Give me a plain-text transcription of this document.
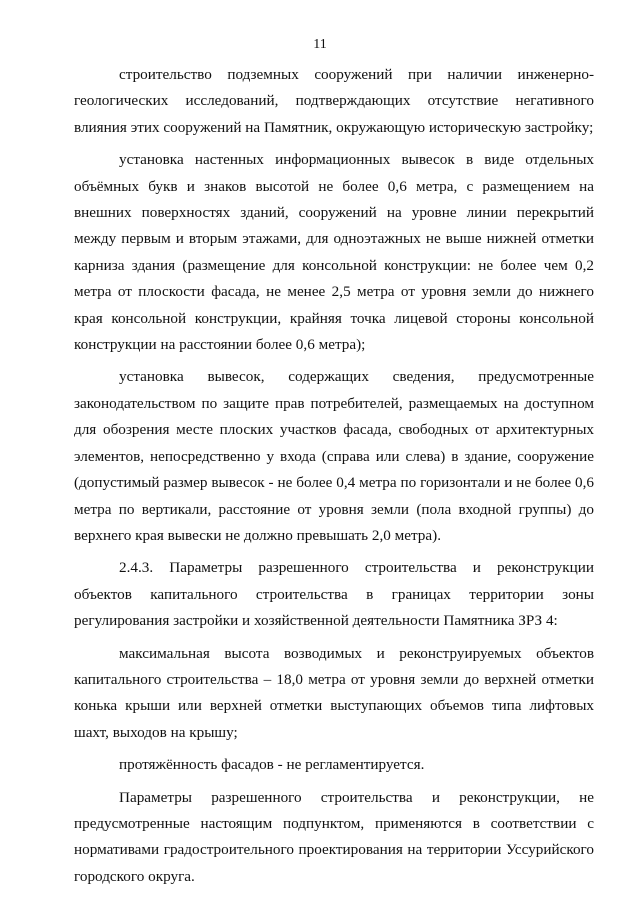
11

строительство подземных сооружений при наличии инженерно-геологических исследований, подтверждающих отсутствие негативного влияния этих сооружений на Памятник, окружающую историческую застройку;

установка настенных информационных вывесок в виде отдельных объёмных букв и знаков высотой не более 0,6 метра, с размещением на внешних поверхностях зданий, сооружений на уровне линии перекрытий между первым и вторым этажами, для одноэтажных не выше нижней отметки карниза здания (размещение для консольной конструкции: не более чем 0,2 метра от плоскости фасада, не менее 2,5 метра от уровня земли до нижнего края консольной конструкции, крайняя точка лицевой стороны консольной конструкции на расстоянии более 0,6 метра);

установка вывесок, содержащих сведения, предусмотренные законодательством по защите прав потребителей, размещаемых на доступном для обозрения месте плоских участков фасада, свободных от архитектурных элементов, непосредственно у входа (справа или слева) в здание, сооружение (допустимый размер вывесок - не более 0,4 метра по горизонтали и не более 0,6 метра по вертикали, расстояние от уровня земли (пола входной группы) до верхнего края вывески не должно превышать 2,0 метра).

2.4.3. Параметры разрешенного строительства и реконструкции объектов капитального строительства в границах территории зоны регулирования застройки и хозяйственной деятельности Памятника ЗРЗ 4:

максимальная высота возводимых и реконструируемых объектов капитального строительства – 18,0 метра от уровня земли до верхней отметки конька крыши или верхней отметки выступающих объемов типа лифтовых шахт, выходов на крышу;

протяжённость фасадов - не регламентируется.

Параметры разрешенного строительства и реконструкции, не предусмотренные настоящим подпунктом, применяются в соответствии с нормативами градостроительного проектирования на территории Уссурийского городского округа.
